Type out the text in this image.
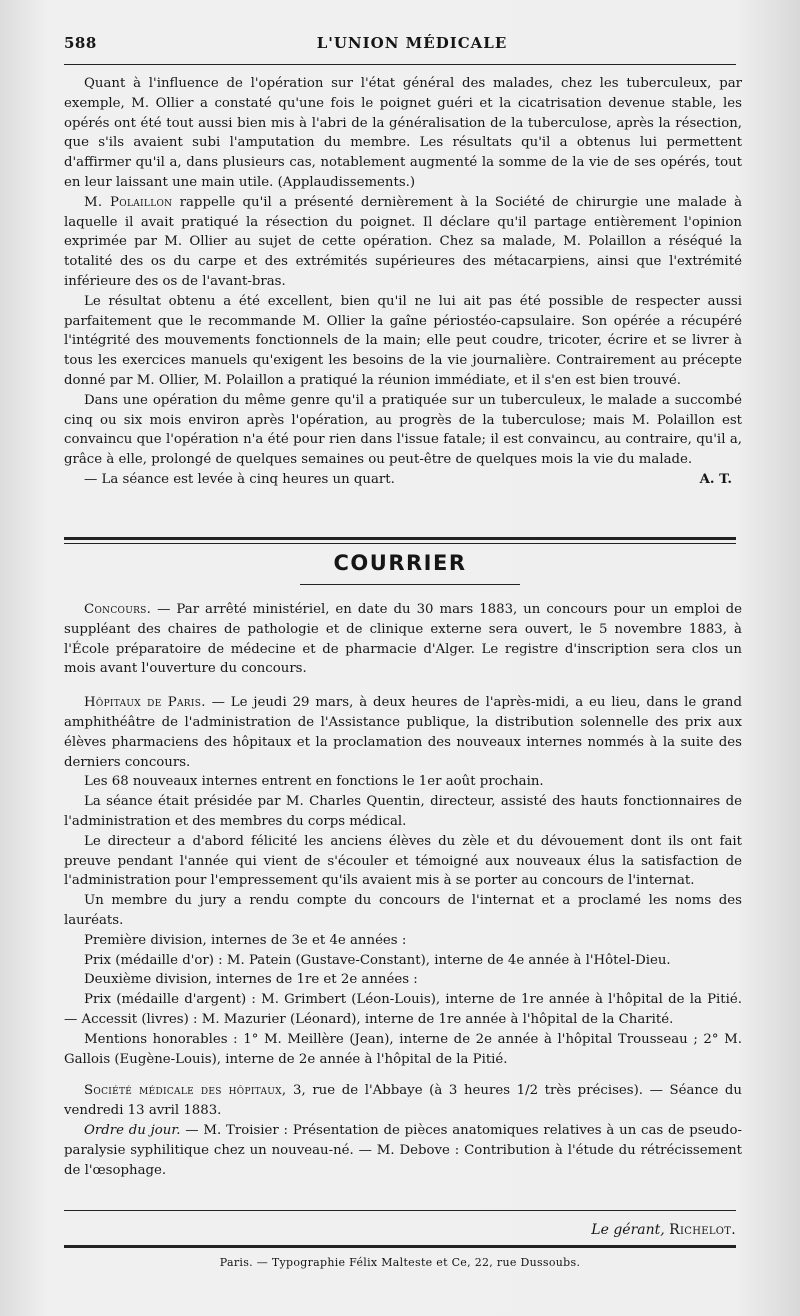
588	L'UNION MÉDICALE

Quant à l'influence de l'opération sur l'état général des malades, chez les tuberculeux, par exemple, M. Ollier a constaté qu'une fois le poignet guéri et la cicatrisation devenue stable, les opérés ont été tout aussi bien mis à l'abri de la généralisation de la tuberculose, après la résection, que s'ils avaient subi l'amputation du membre. Les résultats qu'il a obtenus lui permettent d'affirmer qu'il a, dans plusieurs cas, notablement augmenté la somme de la vie de ses opérés, tout en leur laissant une main utile. (Applaudissements.)

M. Polaillon rappelle qu'il a présenté dernièrement à la Société de chirurgie une malade à laquelle il avait pratiqué la résection du poignet. Il déclare qu'il partage entièrement l'opinion exprimée par M. Ollier au sujet de cette opération. Chez sa malade, M. Polaillon a réséqué la totalité des os du carpe et des extrémités supérieures des métacarpiens, ainsi que l'extrémité inférieure des os de l'avant-bras.

Le résultat obtenu a été excellent, bien qu'il ne lui ait pas été possible de respecter aussi parfaitement que le recommande M. Ollier la gaîne périostéo-capsulaire. Son opérée a récupéré l'intégrité des mouvements fonctionnels de la main; elle peut coudre, tricoter, écrire et se livrer à tous les exercices manuels qu'exigent les besoins de la vie journalière. Contrairement au précepte donné par M. Ollier, M. Polaillon a pratiqué la réunion immédiate, et il s'en est bien trouvé.

Dans une opération du même genre qu'il a pratiquée sur un tuberculeux, le malade a succombé cinq ou six mois environ après l'opération, au progrès de la tuberculose; mais M. Polaillon est convaincu que l'opération n'a été pour rien dans l'issue fatale; il est convaincu, au contraire, qu'il a, grâce à elle, prolongé de quelques semaines ou peut-être de quelques mois la vie du malade.

— La séance est levée à cinq heures un quart.	A. T.
COURRIER

Concours. — Par arrêté ministériel, en date du 30 mars 1883, un concours pour un emploi de suppléant des chaires de pathologie et de clinique externe sera ouvert, le 5 novembre 1883, à l'École préparatoire de médecine et de pharmacie d'Alger. Le registre d'inscription sera clos un mois avant l'ouverture du concours.

Hôpitaux de Paris. — Le jeudi 29 mars, à deux heures de l'après-midi, a eu lieu, dans le grand amphithéâtre de l'administration de l'Assistance publique, la distribution solennelle des prix aux élèves pharmaciens des hôpitaux et la proclamation des nouveaux internes nommés à la suite des derniers concours.

Les 68 nouveaux internes entrent en fonctions le 1er août prochain.

La séance était présidée par M. Charles Quentin, directeur, assisté des hauts fonctionnaires de l'administration et des membres du corps médical.

Le directeur a d'abord félicité les anciens élèves du zèle et du dévouement dont ils ont fait preuve pendant l'année qui vient de s'écouler et témoigné aux nouveaux élus la satisfaction de l'administration pour l'empressement qu'ils avaient mis à se porter au concours de l'internat.

Un membre du jury a rendu compte du concours de l'internat et a proclamé les noms des lauréats.

Première division, internes de 3e et 4e années :

Prix (médaille d'or) : M. Patein (Gustave-Constant), interne de 4e année à l'Hôtel-Dieu.

Deuxième division, internes de 1re et 2e années :

Prix (médaille d'argent) : M. Grimbert (Léon-Louis), interne de 1re année à l'hôpital de la Pitié. — Accessit (livres) : M. Mazurier (Léonard), interne de 1re année à l'hôpital de la Charité.

Mentions honorables : 1° M. Meillère (Jean), interne de 2e année à l'hôpital Trousseau ; 2° M. Gallois (Eugène-Louis), interne de 2e année à l'hôpital de la Pitié.

Société médicale des hôpitaux, 3, rue de l'Abbaye (à 3 heures 1/2 très précises). — Séance du vendredi 13 avril 1883.

Ordre du jour. — M. Troisier : Présentation de pièces anatomiques relatives à un cas de pseudo-paralysie syphilitique chez un nouveau-né. — M. Debove : Contribution à l'étude du rétrécissement de l'œsophage.

Le gérant, Richelot.
Paris. — Typographie Félix Malteste et Ce, 22, rue Dussoubs.
